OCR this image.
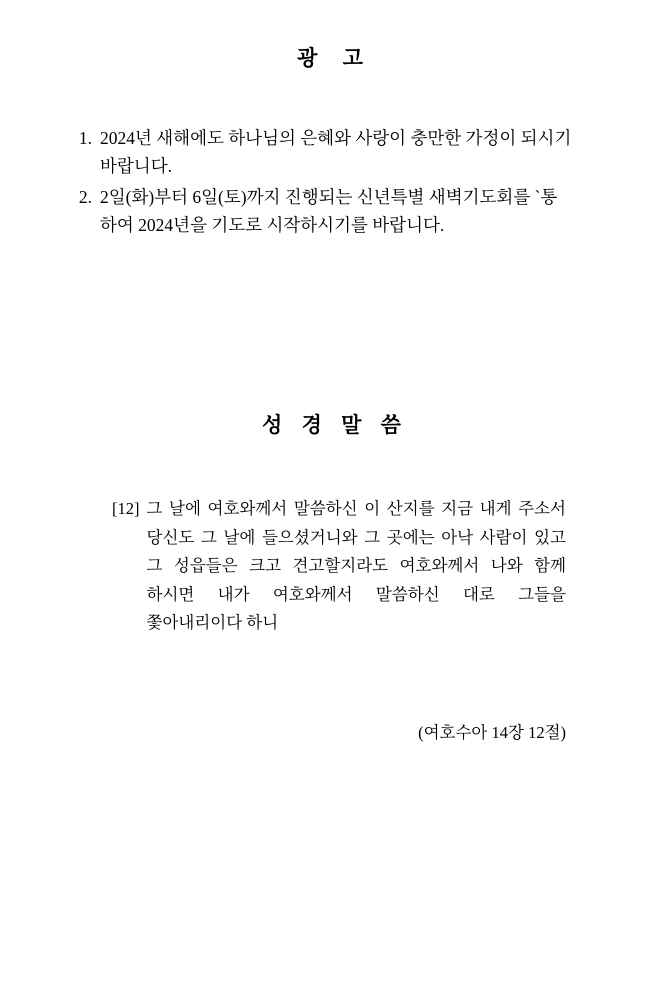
광 고
1. 2024년 새해에도 하나님의 은혜와 사랑이 충만한 가정이 되시기 바랍니다.
2. 2일(화)부터 6일(토)까지 진행되는 신년특별 새벽기도회를 `통하여 2024년을 기도로 시작하시기를 바랍니다.
성 경 말 씀
[12] 그 날에 여호와께서 말씀하신 이 산지를 지금 내게 주소서 당신도 그 날에 들으셨거니와 그 곳에는 아낙 사람이 있고 그 성읍들은 크고 견고할지라도 여호와께서 나와 함께 하시면 내가 여호와께서 말씀하신 대로 그들을 쫓아내리이다 하니
(여호수아 14장 12절)
